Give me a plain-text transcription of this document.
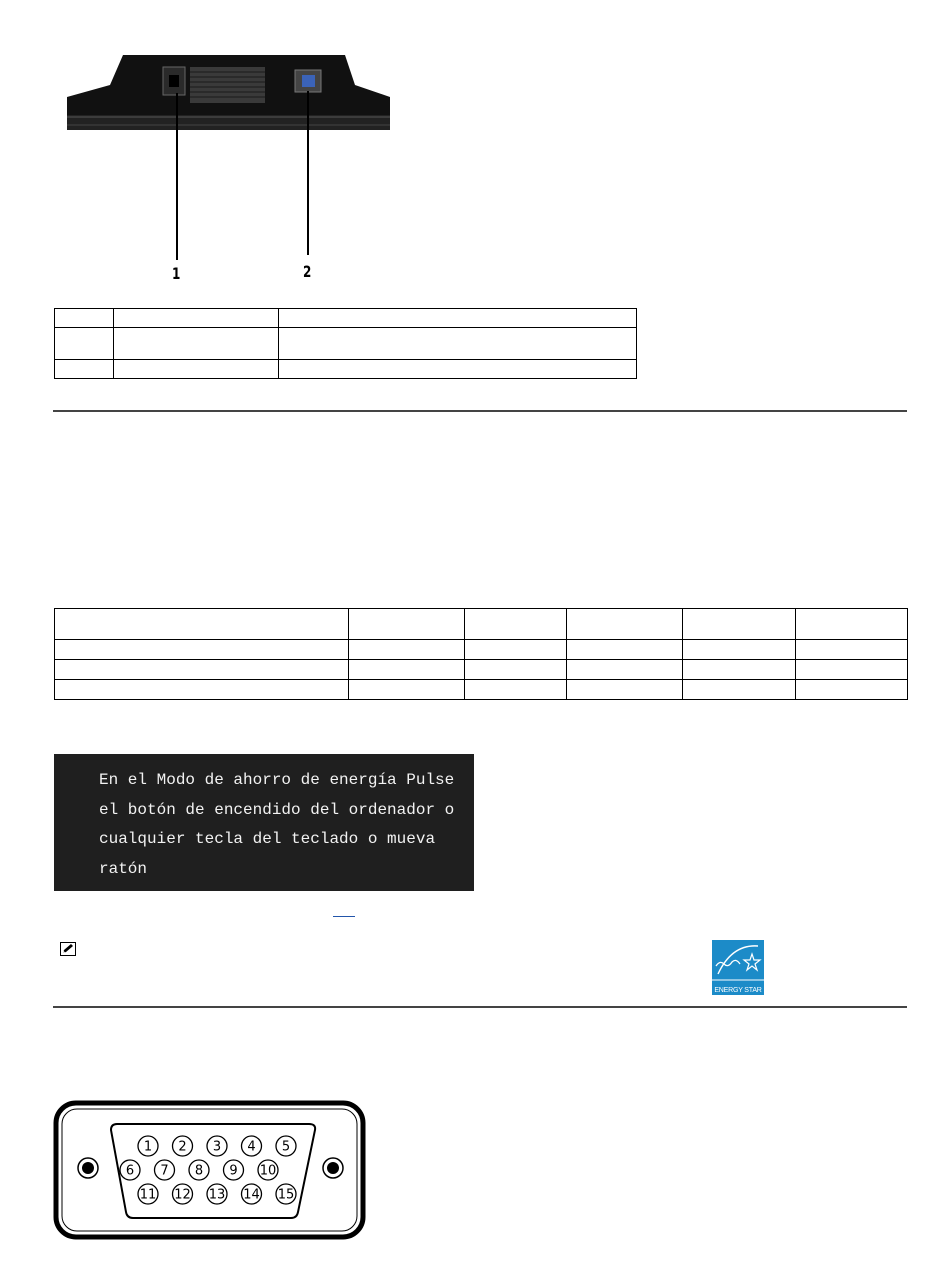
1	2

En el Modo de ahorro de energía Pulse
el botón de encendido del ordenador o
cualquier tecla del teclado o mueva
ratón
ENERGY STAR
1 2 3 4 5
6 7 8 9 10
11 12 13 14 15
